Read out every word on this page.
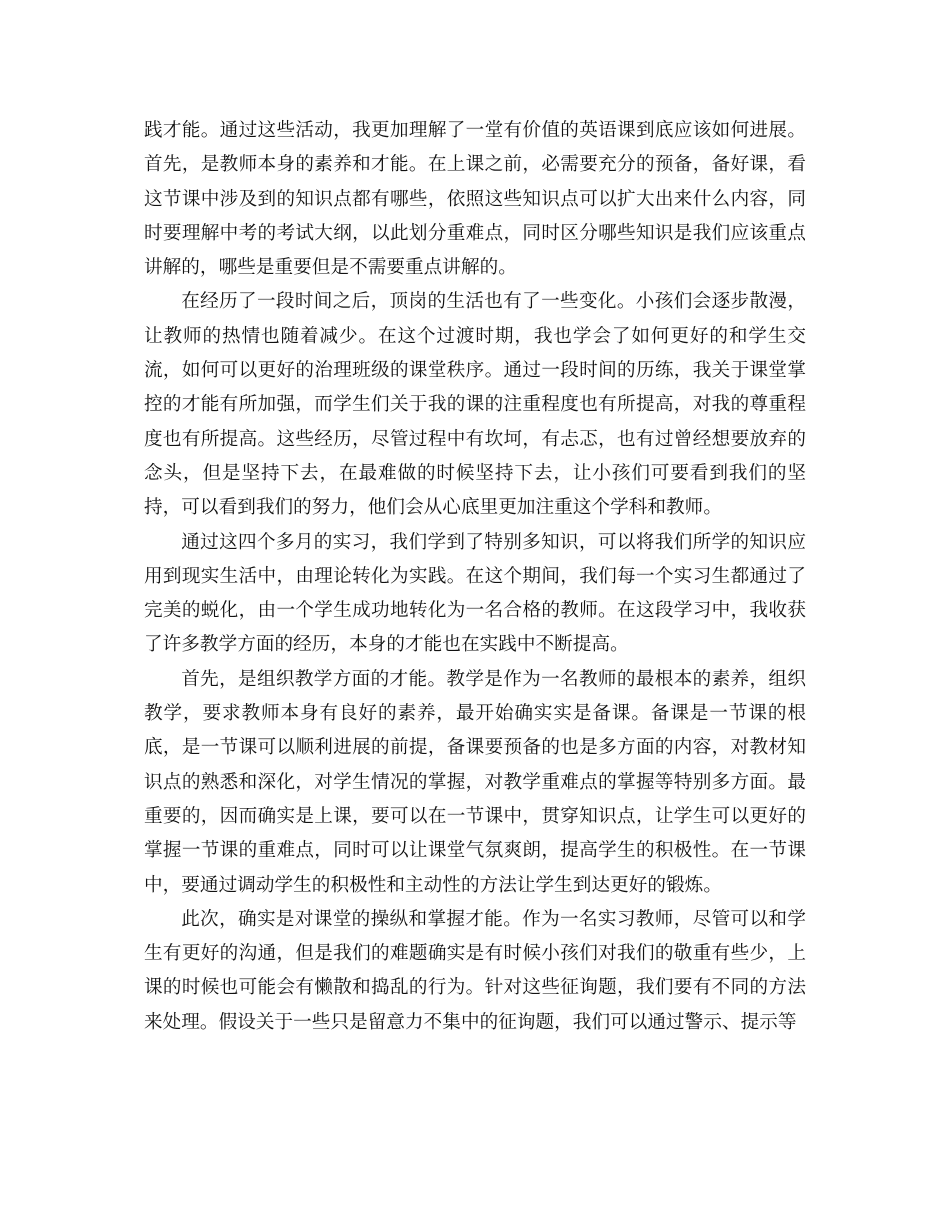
践才能。通过这些活动，我更加理解了一堂有价值的英语课到底应该如何进展。首先，是教师本身的素养和才能。在上课之前，必需要充分的预备，备好课，看这节课中涉及到的知识点都有哪些，依照这些知识点可以扩大出来什么内容，同时要理解中考的考试大纲，以此划分重难点，同时区分哪些知识是我们应该重点讲解的，哪些是重要但是不需要重点讲解的。

在经历了一段时间之后，顶岗的生活也有了一些变化。小孩们会逐步散漫，让教师的热情也随着减少。在这个过渡时期，我也学会了如何更好的和学生交流，如何可以更好的治理班级的课堂秩序。通过一段时间的历练，我关于课堂掌控的才能有所加强，而学生们关于我的课的注重程度也有所提高，对我的尊重程度也有所提高。这些经历，尽管过程中有坎坷，有忐忑，也有过曾经想要放弃的念头，但是坚持下去，在最难做的时候坚持下去，让小孩们可要看到我们的坚持，可以看到我们的努力，他们会从心底里更加注重这个学科和教师。

通过这四个多月的实习，我们学到了特别多知识，可以将我们所学的知识应用到现实生活中，由理论转化为实践。在这个期间，我们每一个实习生都通过了完美的蜕化，由一个学生成功地转化为一名合格的教师。在这段学习中，我收获了许多教学方面的经历，本身的才能也在实践中不断提高。

首先，是组织教学方面的才能。教学是作为一名教师的最根本的素养，组织教学，要求教师本身有良好的素养，最开始确实实是备课。备课是一节课的根底，是一节课可以顺利进展的前提，备课要预备的也是多方面的内容，对教材知识点的熟悉和深化，对学生情况的掌握，对教学重难点的掌握等特别多方面。最重要的，因而确实是上课，要可以在一节课中，贯穿知识点，让学生可以更好的掌握一节课的重难点，同时可以让课堂气氛爽朗，提高学生的积极性。在一节课中，要通过调动学生的积极性和主动性的方法让学生到达更好的锻炼。

此次，确实是对课堂的操纵和掌握才能。作为一名实习教师，尽管可以和学生有更好的沟通，但是我们的难题确实是有时候小孩们对我们的敬重有些少，上课的时候也可能会有懒散和捣乱的行为。针对这些征询题，我们要有不同的方法来处理。假设关于一些只是留意力不集中的征询题，我们可以通过警示、提示等
